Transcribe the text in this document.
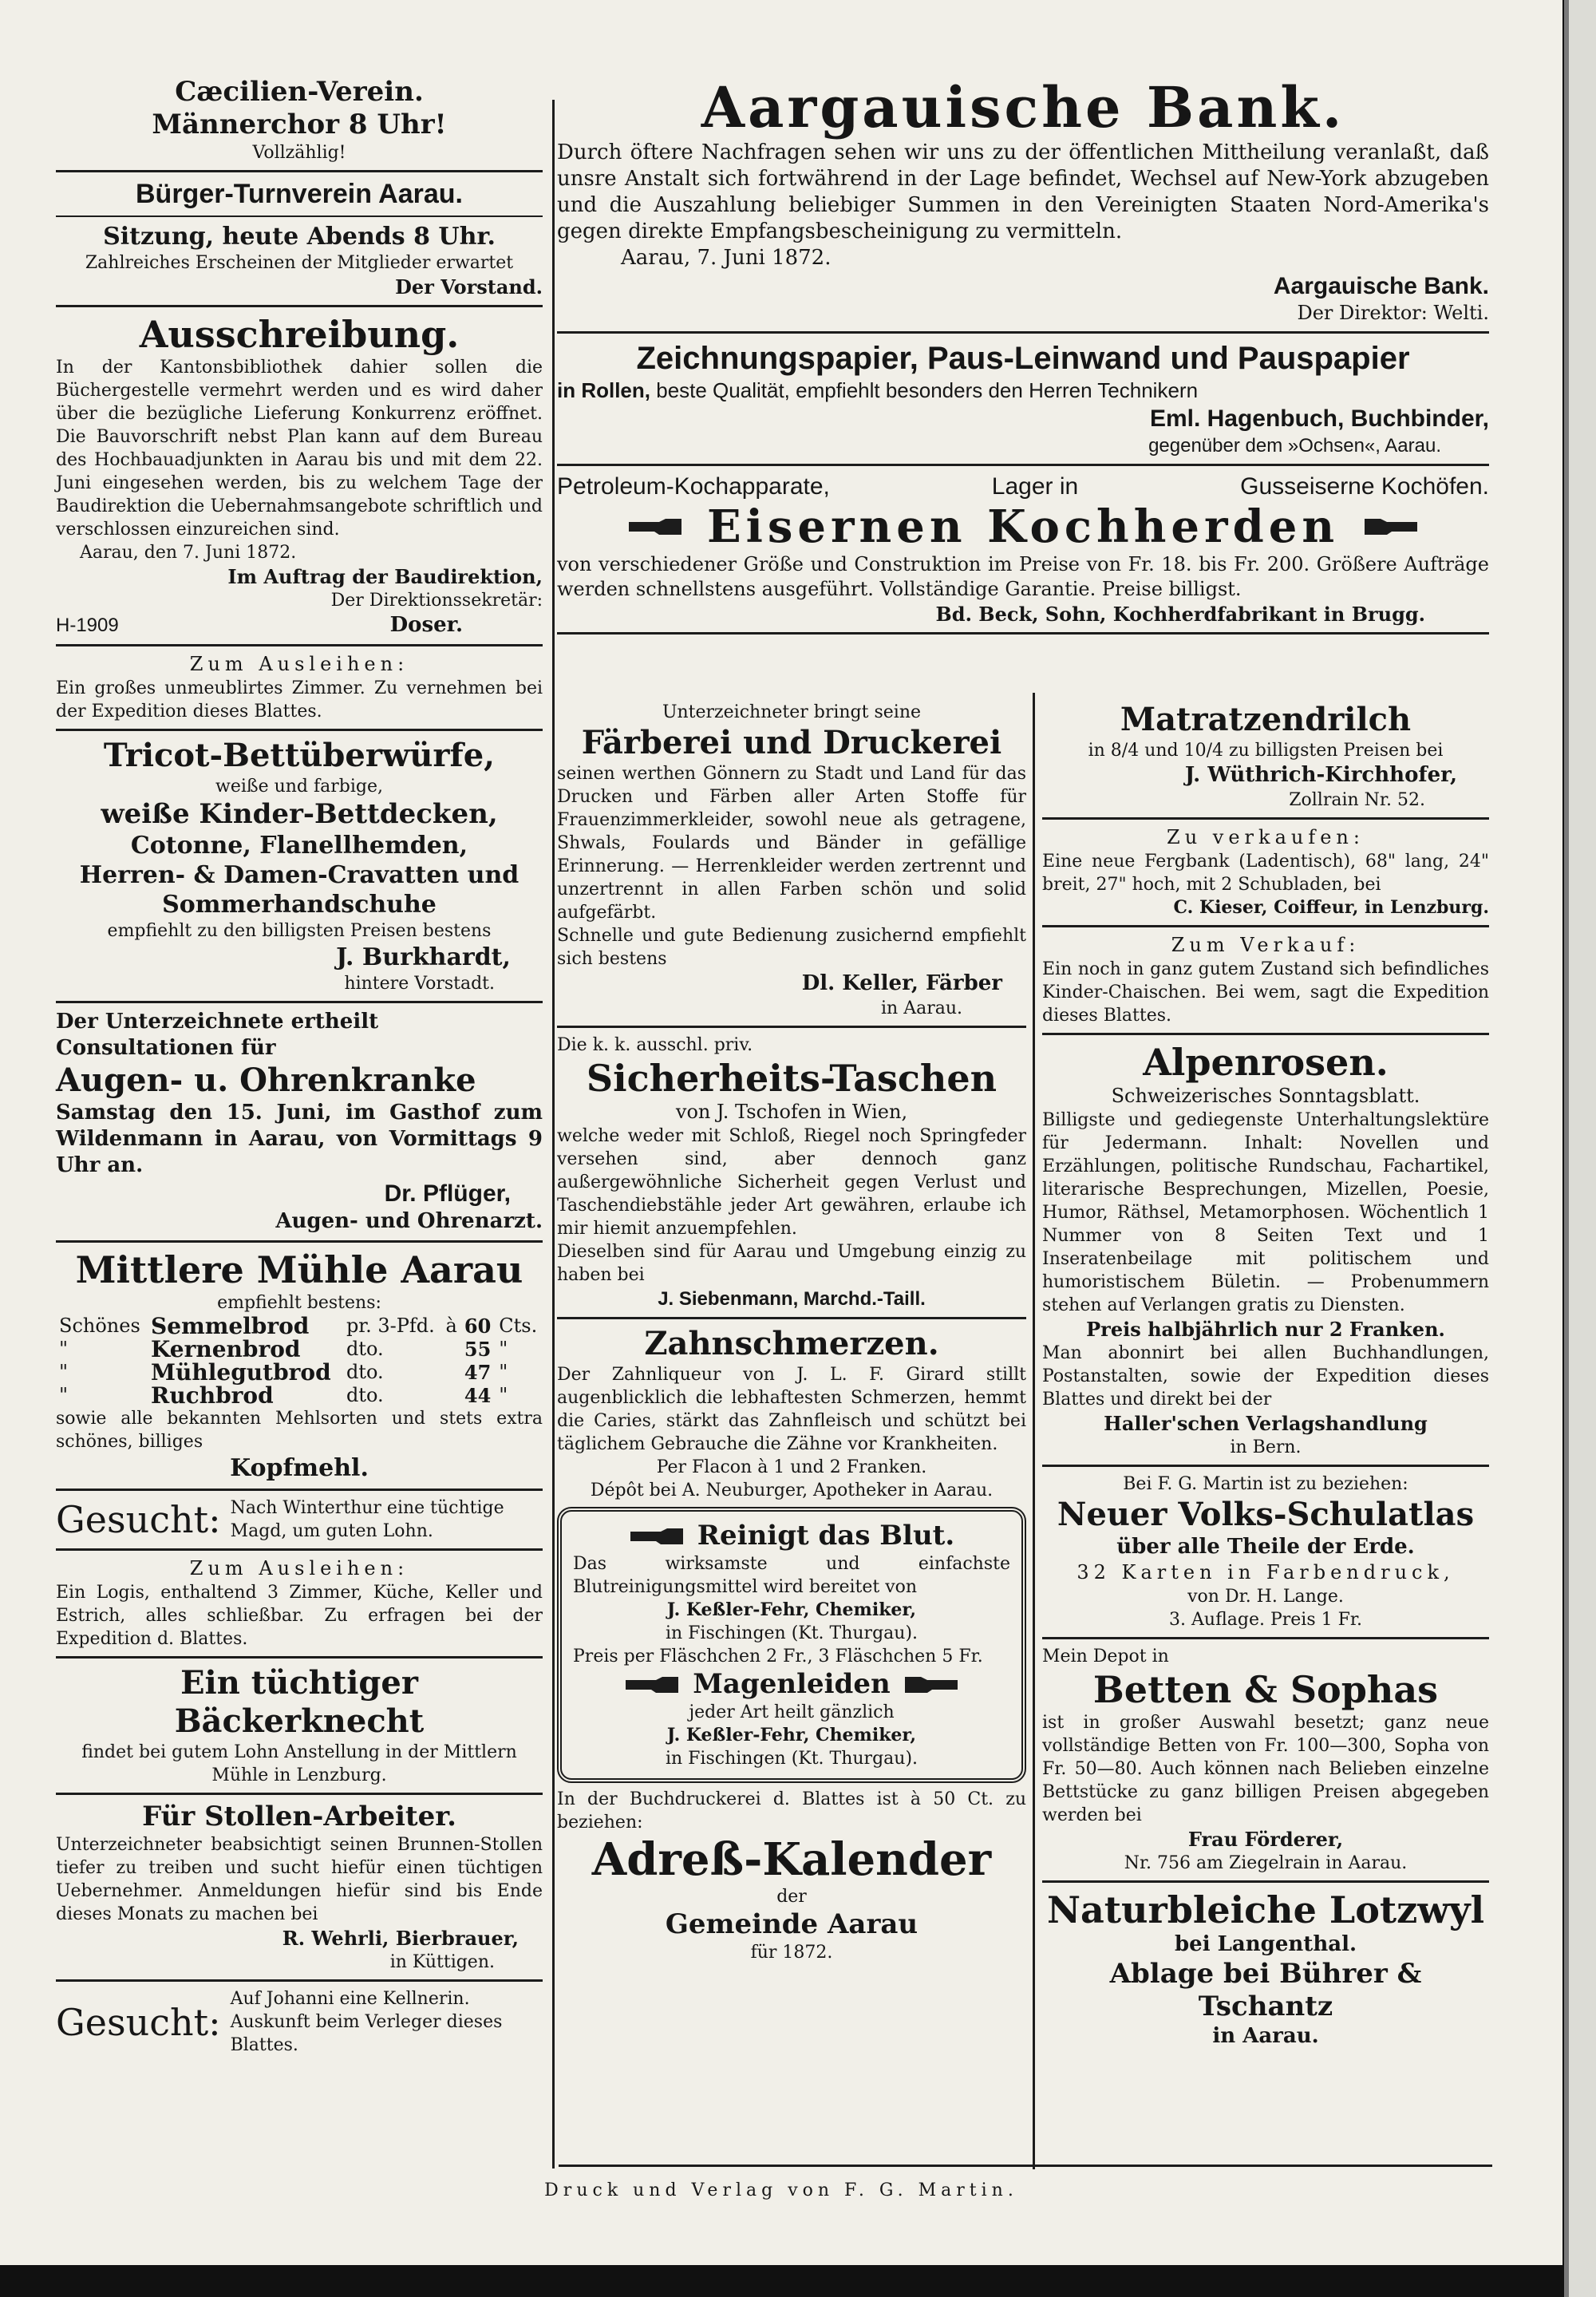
Cæcilien-Verein.
Männerchor 8 Uhr!
Vollzählig!
Bürger-Turnverein Aarau.
Sitzung, heute Abends 8 Uhr.
Zahlreiches Erscheinen der Mitglieder erwartet
Der Vorstand.
Ausschreibung.
In der Kantonsbibliothek dahier sollen die Büchergestelle vermehrt werden und es wird daher über die bezügliche Lieferung Konkurrenz eröffnet. Die Bauvorschrift nebst Plan kann auf dem Bureau des Hochbauadjunkten in Aarau bis und mit dem 22. Juni eingesehen werden, bis zu welchem Tage der Baudirektion die Uebernahmsangebote schriftlich und verschlossen einzureichen sind.
Aarau, den 7. Juni 1872.
Im Auftrag der Baudirektion,
Der Direktionssekretär:
H-1909	Doser.
Zum Ausleihen:
Ein großes unmeublirtes Zimmer. Zu vernehmen bei der Expedition dieses Blattes.
Tricot-Bettüberwürfe,
weiße und farbige,
weiße Kinder-Bettdecken,
Cotonne, Flanellhemden,
Herren- & Damen-Cravatten und
Sommerhandschuhe
empfiehlt zu den billigsten Preisen bestens
J. Burkhardt,
hintere Vorstadt.
Der Unterzeichnete ertheilt Consultationen für
Augen- u. Ohrenkranke
Samstag den 15. Juni, im Gasthof zum Wildenmann in Aarau, von Vormittags 9 Uhr an.
Dr. Pflüger,
Augen- und Ohrenarzt.
Mittlere Mühle Aarau
empfiehlt bestens:
Schönes	Semmelbrod	pr. 3-Pfd.	à	60	Cts.
"	Kernenbrod	dto.		55	"
"	Mühlegutbrod	dto.		47	"
"	Ruchbrod	dto.		44	"
sowie alle bekannten Mehlsorten und stets extra schönes, billiges
Kopfmehl.
Gesucht: Nach Winterthur eine tüchtige Magd, um guten Lohn.
Zum Ausleihen:
Ein Logis, enthaltend 3 Zimmer, Küche, Keller und Estrich, alles schließbar. Zu erfragen bei der Expedition d. Blattes.
Ein tüchtiger Bäckerknecht
findet bei gutem Lohn Anstellung in der Mittlern Mühle in Lenzburg.
Für Stollen-Arbeiter.
Unterzeichneter beabsichtigt seinen Brunnen-Stollen tiefer zu treiben und sucht hiefür einen tüchtigen Uebernehmer. Anmeldungen hiefür sind bis Ende dieses Monats zu machen bei
R. Wehrli, Bierbrauer,
in Küttigen.
Gesucht:
Auf Johanni eine Kellnerin. Auskunft beim Verleger dieses Blattes.
Aargauische Bank.
Durch öftere Nachfragen sehen wir uns zu der öffentlichen Mittheilung veranlaßt, daß unsre Anstalt sich fortwährend in der Lage befindet, Wechsel auf New-York abzugeben und die Auszahlung beliebiger Summen in den Vereinigten Staaten Nord-Amerika's gegen direkte Empfangsbescheinigung zu vermitteln.
Aarau, 7. Juni 1872.
Aargauische Bank.
Der Direktor: Welti.
Zeichnungspapier, Paus-Leinwand und Pauspapier
in Rollen, beste Qualität, empfiehlt besonders den Herren Technikern
Eml. Hagenbuch, Buchbinder,
gegenüber dem »Ochsen«, Aarau.
Petroleum-Kochapparate,	Lager in	Gusseiserne Kochöfen.
Eisernen Kochherden
von verschiedener Größe und Construktion im Preise von Fr. 18. bis Fr. 200. Größere Aufträge werden schnellstens ausgeführt. Vollständige Garantie. Preise billigst.
Bd. Beck, Sohn, Kochherdfabrikant in Brugg.
Unterzeichneter bringt seine
Färberei und Druckerei
seinen werthen Gönnern zu Stadt und Land für das Drucken und Färben aller Arten Stoffe für Frauenzimmerkleider, sowohl neue als getragene, Shwals, Foulards und Bänder in gefällige Erinnerung. — Herrenkleider werden zertrennt und unzertrennt in allen Farben schön und solid aufgefärbt.
Schnelle und gute Bedienung zusichernd empfiehlt sich bestens
Dl. Keller, Färber
in Aarau.
Die k. k. ausschl. priv.
Sicherheits-Taschen
von J. Tschofen in Wien,
welche weder mit Schloß, Riegel noch Springfeder versehen sind, aber dennoch ganz außergewöhnliche Sicherheit gegen Verlust und Taschendiebstähle jeder Art gewähren, erlaube ich mir hiemit anzuempfehlen.
Dieselben sind für Aarau und Umgebung einzig zu haben bei
J. Siebenmann, Marchd.-Taill.
Zahnschmerzen.
Der Zahnliqueur von J. L. F. Girard stillt augenblicklich die lebhaftesten Schmerzen, hemmt die Caries, stärkt das Zahnfleisch und schützt bei täglichem Gebrauche die Zähne vor Krankheiten.
Per Flacon à 1 und 2 Franken.
Dépôt bei A. Neuburger, Apotheker in Aarau.
Reinigt das Blut.
Das wirksamste und einfachste Blutreinigungsmittel wird bereitet von
J. Keßler-Fehr, Chemiker,
in Fischingen (Kt. Thurgau).
Preis per Fläschchen 2 Fr., 3 Fläschchen 5 Fr.
Magenleiden
jeder Art heilt gänzlich
J. Keßler-Fehr, Chemiker,
in Fischingen (Kt. Thurgau).
In der Buchdruckerei d. Blattes ist à 50 Ct. zu beziehen:
Adreß-Kalender
der
Gemeinde Aarau
für 1872.
Matratzendrilch
in 8/4 und 10/4 zu billigsten Preisen bei
J. Wüthrich-Kirchhofer,
Zollrain Nr. 52.
Zu verkaufen:
Eine neue Fergbank (Ladentisch), 68" lang, 24" breit, 27" hoch, mit 2 Schubladen, bei
C. Kieser, Coiffeur, in Lenzburg.
Zum Verkauf:
Ein noch in ganz gutem Zustand sich befindliches Kinder-Chaischen. Bei wem, sagt die Expedition dieses Blattes.
Alpenrosen.
Schweizerisches Sonntagsblatt.
Billigste und gediegenste Unterhaltungslektüre für Jedermann. Inhalt: Novellen und Erzählungen, politische Rundschau, Fachartikel, literarische Besprechungen, Mizellen, Poesie, Humor, Räthsel, Metamorphosen. Wöchentlich 1 Nummer von 8 Seiten Text und 1 Inseratenbeilage mit politischem und humoristischem Bületin. — Probenummern stehen auf Verlangen gratis zu Diensten.
Preis halbjährlich nur 2 Franken.
Man abonnirt bei allen Buchhandlungen, Postanstalten, sowie der Expedition dieses Blattes und direkt bei der
Haller'schen Verlagshandlung
in Bern.
Bei F. G. Martin ist zu beziehen:
Neuer Volks-Schulatlas
über alle Theile der Erde.
32 Karten in Farbendruck,
von Dr. H. Lange.
3. Auflage. Preis 1 Fr.
Mein Depot in
Betten & Sophas
ist in großer Auswahl besetzt; ganz neue vollständige Betten von Fr. 100—300, Sopha von Fr. 50—80. Auch können nach Belieben einzelne Bettstücke zu ganz billigen Preisen abgegeben werden bei
Frau Förderer,
Nr. 756 am Ziegelrain in Aarau.
Naturbleiche Lotzwyl
bei Langenthal.
Ablage bei Bührer & Tschantz
in Aarau.
Druck und Verlag von F. G. Martin.
